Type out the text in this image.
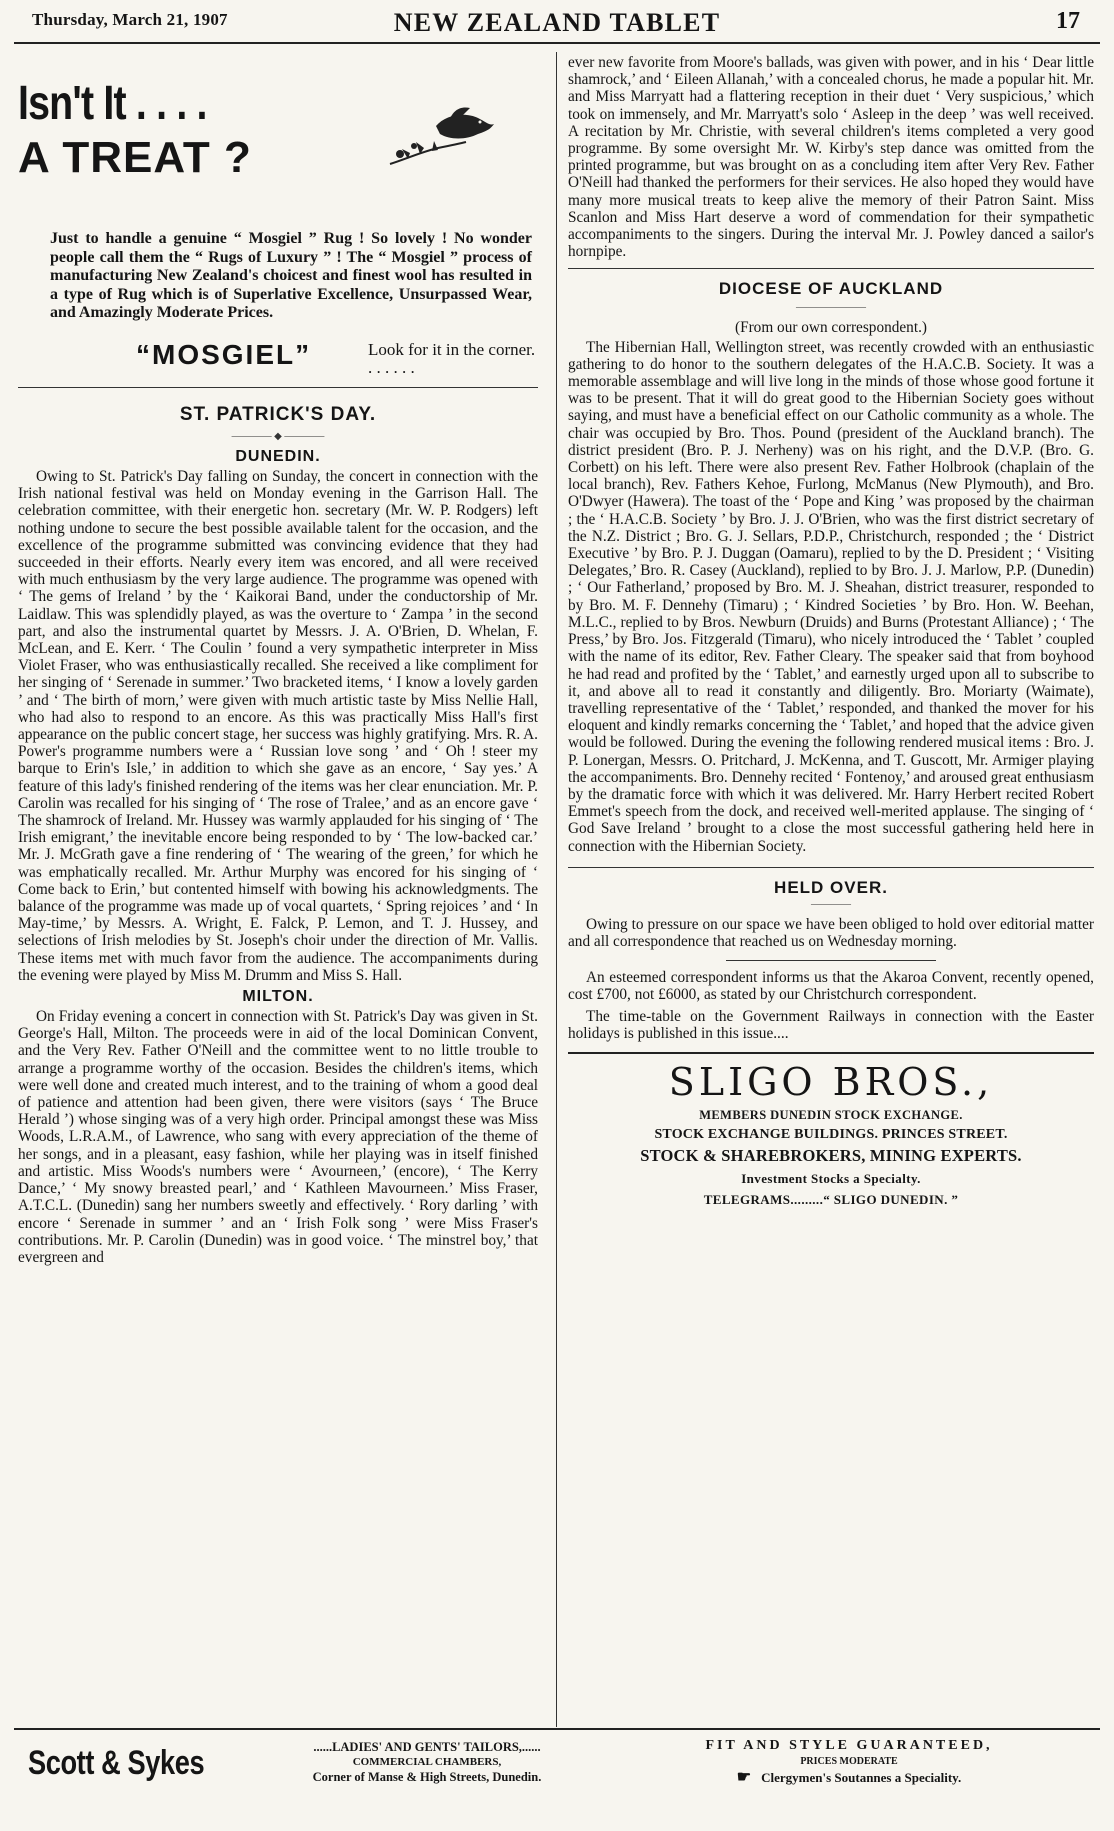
Thursday, March 21, 1907	NEW ZEALAND TABLET	17
Isn't It . . . .
A TREAT ?
Just to handle a genuine “ Mosgiel ” Rug ! So lovely ! No wonder people call them the “ Rugs of Luxury ” ! The “ Mosgiel ” process of manufacturing New Zealand's choicest and finest wool has resulted in a type of Rug which is of Superlative Excellence, Unsurpassed Wear, and Amazingly Moderate Prices.
“MOSGIEL”	Look for it in the corner. . . . . . .
ST. PATRICK'S DAY.
―――― ◆ ――――
DUNEDIN.

Owing to St. Patrick's Day falling on Sunday, the concert in connection with the Irish national festival was held on Monday evening in the Garrison Hall. The celebration committee, with their energetic hon. secretary (Mr. W. P. Rodgers) left nothing undone to secure the best possible available talent for the occasion, and the excellence of the programme submitted was convincing evidence that they had succeeded in their efforts. Nearly every item was encored, and all were received with much enthusiasm by the very large audience. The programme was opened with ‘ The gems of Ireland ’ by the ‘ Kaikorai Band, under the conductorship of Mr. Laidlaw. This was splendidly played, as was the overture to ‘ Zampa ’ in the second part, and also the instrumental quartet by Messrs. J. A. O'Brien, D. Whelan, F. McLean, and E. Kerr. ‘ The Coulin ’ found a very sympathetic interpreter in Miss Violet Fraser, who was enthusiastically recalled. She received a like compliment for her singing of ‘ Serenade in summer.’ Two bracketed items, ‘ I know a lovely garden ’ and ‘ The birth of morn,’ were given with much artistic taste by Miss Nellie Hall, who had also to respond to an encore. As this was practically Miss Hall's first appearance on the public concert stage, her success was highly gratifying. Mrs. R. A. Power's programme numbers were a ‘ Russian love song ’ and ‘ Oh ! steer my barque to Erin's Isle,’ in addition to which she gave as an encore, ‘ Say yes.’ A feature of this lady's finished rendering of the items was her clear enunciation. Mr. P. Carolin was recalled for his singing of ‘ The rose of Tralee,’ and as an encore gave ‘ The shamrock of Ireland. Mr. Hussey was warmly applauded for his singing of ‘ The Irish emigrant,’ the inevitable encore being responded to by ‘ The low-backed car.’ Mr. J. McGrath gave a fine rendering of ‘ The wearing of the green,’ for which he was emphatically recalled. Mr. Arthur Murphy was encored for his singing of ‘ Come back to Erin,’ but contented himself with bowing his acknowledgments. The balance of the programme was made up of vocal quartets, ‘ Spring rejoices ’ and ‘ In May-time,’ by Messrs. A. Wright, E. Falck, P. Lemon, and T. J. Hussey, and selections of Irish melodies by St. Joseph's choir under the direction of Mr. Vallis. These items met with much favor from the audience. The accompaniments during the evening were played by Miss M. Drumm and Miss S. Hall.

MILTON.

On Friday evening a concert in connection with St. Patrick's Day was given in St. George's Hall, Milton. The proceeds were in aid of the local Dominican Convent, and the Very Rev. Father O'Neill and the committee went to no little trouble to arrange a programme worthy of the occasion. Besides the children's items, which were well done and created much interest, and to the training of whom a good deal of patience and attention had been given, there were visitors (says ‘ The Bruce Herald ’) whose singing was of a very high order. Principal amongst these was Miss Woods, L.R.A.M., of Lawrence, who sang with every appreciation of the theme of her songs, and in a pleasant, easy fashion, while her playing was in itself finished and artistic. Miss Woods's numbers were ‘ Avourneen,’ (encore), ‘ The Kerry Dance,’ ‘ My snowy breasted pearl,’ and ‘ Kathleen Mavourneen.’ Miss Fraser, A.T.C.L. (Dunedin) sang her numbers sweetly and effectively. ‘ Rory darling ’ with encore ‘ Serenade in summer ’ and an ‘ Irish Folk song ’ were Miss Fraser's contributions. Mr. P. Carolin (Dunedin) was in good voice. ‘ The minstrel boy,’ that evergreen and

ever new favorite from Moore's ballads, was given with power, and in his ‘ Dear little shamrock,’ and ‘ Eileen Allanah,’ with a concealed chorus, he made a popular hit. Mr. and Miss Marryatt had a flattering reception in their duet ‘ Very suspicious,’ which took on immensely, and Mr. Marryatt's solo ‘ Asleep in the deep ’ was well received. A recitation by Mr. Christie, with several children's items completed a very good programme. By some oversight Mr. W. Kirby's step dance was omitted from the printed programme, but was brought on as a concluding item after Very Rev. Father O'Neill had thanked the performers for their services. He also hoped they would have many more musical treats to keep alive the memory of their Patron Saint. Miss Scanlon and Miss Hart deserve a word of commendation for their sympathetic accompaniments to the singers. During the interval Mr. J. Powley danced a sailor's hornpipe.

DIOCESE OF AUCKLAND
―――――――
(From our own correspondent.)

The Hibernian Hall, Wellington street, was recently crowded with an enthusiastic gathering to do honor to the southern delegates of the H.A.C.B. Society. It was a memorable assemblage and will live long in the minds of those whose good fortune it was to be present. That it will do great good to the Hibernian Society goes without saying, and must have a beneficial effect on our Catholic community as a whole. The chair was occupied by Bro. Thos. Pound (president of the Auckland branch). The district president (Bro. P. J. Nerheny) was on his right, and the D.V.P. (Bro. G. Corbett) on his left. There were also present Rev. Father Holbrook (chaplain of the local branch), Rev. Fathers Kehoe, Furlong, McManus (New Plymouth), and Bro. O'Dwyer (Hawera). The toast of the ‘ Pope and King ’ was proposed by the chairman ; the ‘ H.A.C.B. Society ’ by Bro. J. J. O'Brien, who was the first district secretary of the N.Z. District ; Bro. G. J. Sellars, P.D.P., Christchurch, responded ; the ‘ District Executive ’ by Bro. P. J. Duggan (Oamaru), replied to by the D. President ; ‘ Visiting Delegates,’ Bro. R. Casey (Auckland), replied to by Bro. J. J. Marlow, P.P. (Dunedin) ; ‘ Our Fatherland,’ proposed by Bro. M. J. Sheahan, district treasurer, responded to by Bro. M. F. Dennehy (Timaru) ; ‘ Kindred Societies ’ by Bro. Hon. W. Beehan, M.L.C., replied to by Bros. Newburn (Druids) and Burns (Protestant Alliance) ; ‘ The Press,’ by Bro. Jos. Fitzgerald (Timaru), who nicely introduced the ‘ Tablet ’ coupled with the name of its editor, Rev. Father Cleary. The speaker said that from boyhood he had read and profited by the ‘ Tablet,’ and earnestly urged upon all to subscribe to it, and above all to read it constantly and diligently. Bro. Moriarty (Waimate), travelling representative of the ‘ Tablet,’ responded, and thanked the mover for his eloquent and kindly remarks concerning the ‘ Tablet,’ and hoped that the advice given would be followed. During the evening the following rendered musical items : Bro. J. P. Lonergan, Messrs. O. Pritchard, J. McKenna, and T. Guscott, Mr. Armiger playing the accompaniments. Bro. Dennehy recited ‘ Fontenoy,’ and aroused great enthusiasm by the dramatic force with which it was delivered. Mr. Harry Herbert recited Robert Emmet's speech from the dock, and received well-merited applause. The singing of ‘ God Save Ireland ’ brought to a close the most successful gathering held here in connection with the Hibernian Society.

HELD OVER.
――――

Owing to pressure on our space we have been obliged to hold over editorial matter and all correspondence that reached us on Wednesday morning.

An esteemed correspondent informs us that the Akaroa Convent, recently opened, cost £700, not £6000, as stated by our Christchurch correspondent.

The time-table on the Government Railways in connection with the Easter holidays is published in this issue....

SLIGO BROS.,
MEMBERS DUNEDIN STOCK EXCHANGE.
STOCK EXCHANGE BUILDINGS. PRINCES STREET.
STOCK & SHAREBROKERS, MINING EXPERTS.
Investment Stocks a Specialty.
TELEGRAMS.........“ SLIGO DUNEDIN. ”
Scott & Sykes	......LADIES' AND GENTS' TAILORS,......
COMMERCIAL CHAMBERS,
Corner of Manse & High Streets, Dunedin.
FIT AND STYLE GUARANTEED,
PRICES MODERATE
☛ Clergymen's Soutannes a Speciality.
